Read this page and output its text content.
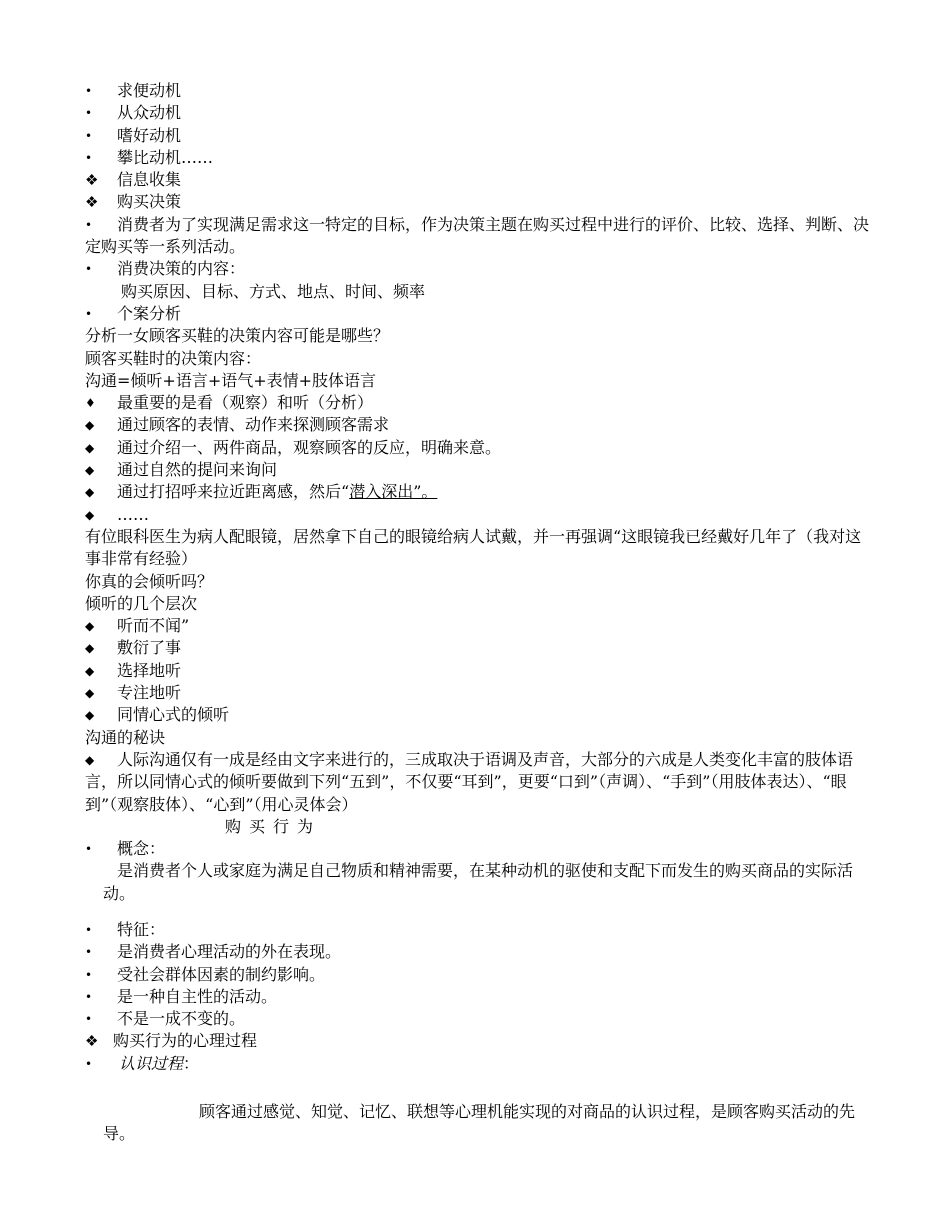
•	求便动机
•	从众动机
•	嗜好动机
•	攀比动机……
❖	信息收集
❖	购买决策
•	消费者为了实现满足需求这一特定的目标，作为决策主题在购买过程中进行的评价、比较、选择、判断、决定购买等一系列活动。
•	消费决策的内容：
购买原因、目标、方式、地点、时间、频率
•	个案分析
分析一女顾客买鞋的决策内容可能是哪些？
顾客买鞋时的决策内容：
沟通=倾听+语言+语气+表情+肢体语言
♦	最重要的是看（观察）和听（分析）
◆	通过顾客的表情、动作来探测顾客需求
◆	通过介绍一、两件商品，观察顾客的反应，明确来意。
◆	通过自然的提问来询问
◆	通过打招呼来拉近距离感，然后“潜入深出”。
◆	……
有位眼科医生为病人配眼镜，居然拿下自己的眼镜给病人试戴，并一再强调“这眼镜我已经戴好几年了（我对这事非常有经验）
你真的会倾听吗？
倾听的几个层次
◆	听而不闻”
◆	敷衍了事
◆	选择地听
◆	专注地听
◆	同情心式的倾听
沟通的秘诀
◆	人际沟通仅有一成是经由文字来进行的，三成取决于语调及声音，大部分的六成是人类变化丰富的肢体语言，所以同情心式的倾听要做到下列“五到”，不仅要“耳到”，更要“口到”（声调）、“手到”（用肢体表达）、“眼到”（观察肢体）、“心到”（用心灵体会）
购买行为
•	概念：
是消费者个人或家庭为满足自己物质和精神需要，在某种动机的驱使和支配下而发生的购买商品的实际活动。
•	特征：
•	是消费者心理活动的外在表现。
•	受社会群体因素的制约影响。
•	是一种自主性的活动。
•	不是一成不变的。
❖ 购买行为的心理过程
•	认识过程：
顾客通过感觉、知觉、记忆、联想等心理机能实现的对商品的认识过程，是顾客购买活动的先导。
